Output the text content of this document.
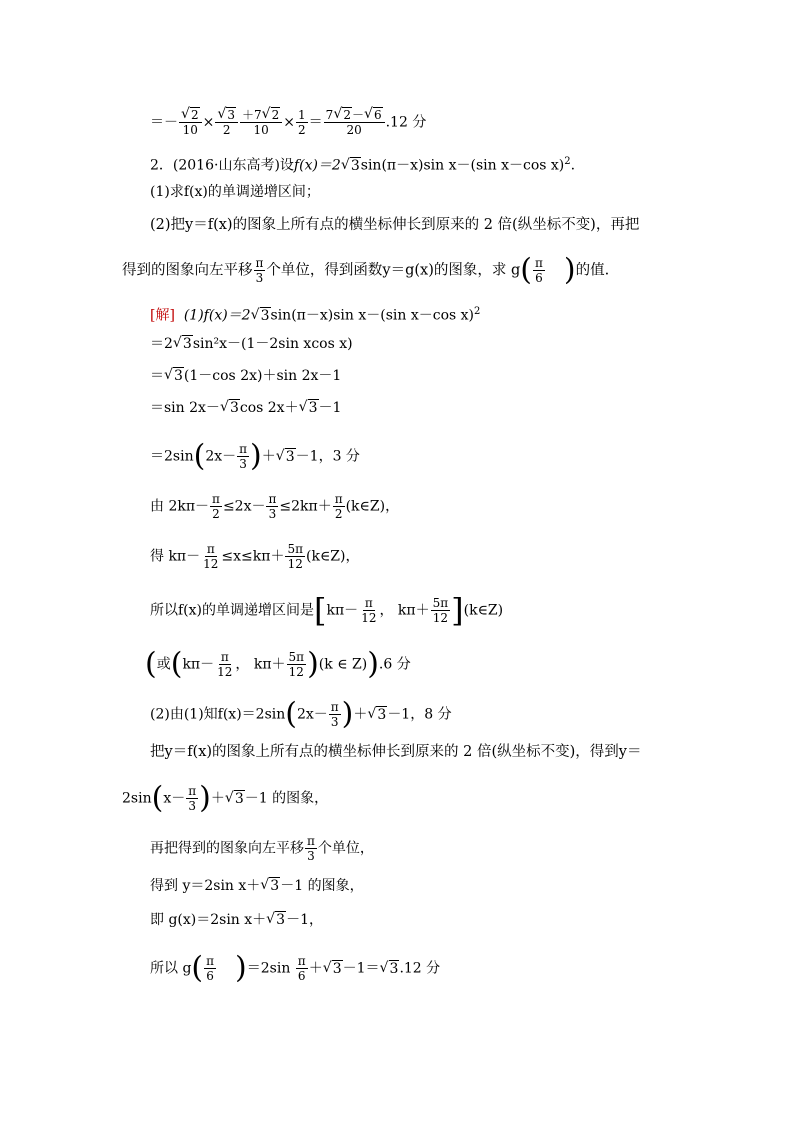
＝－ √ $\frac{2}{10}$ × √ $\frac{3}{2} \frac{+7 √ 2}{10} \times \frac{1}{2} = \frac{7 √ 2- √ 6}{20} .12$ 分
2．(2016·山东高考)设f(x)＝2 √ 3sin(π－x)sin x－(sin x－cos x)$^2$.
(1)求f(x)的单调递增区间；
(2)把y＝f(x)的图象上所有点的横坐标伸长到原来的 2 倍(纵坐标不变)，再把
得到的图象向左平移 $\frac{\pi}{3}$ 个单位，得到函数y＝g(x)的图象，求 $g( \frac{\pi}{6}$ )的值.
[解] (1)f(x)＝2 √ 3sin(π－x)sin x－(sin x－cos x)$^2$
＝2 √ 3sin²x－(1－2sin xcos x)
＝ √ 3(1－cos 2x)＋sin 2x－1
＝sin 2x－ √ 3cos 2x＋ √ 3－1
$=2\sin(2x- \frac{\pi}{3}$ )＋ √ 3－1，3 分
由 $2k\pi- \frac{\pi}{2} \le 2x- \frac{\pi}{3} \le 2k\pi+ \frac{\pi}{2}$ (k∈Z)，
得 $k\pi- \frac{\pi}{12} \le x\le k\pi+ \frac{5\pi}{12}$ (k∈Z)，
所以f(x)的单调递增区间是[$k\pi- \frac{\pi}{12}$ ， $k\pi+ \frac{5\pi}{12}$ ](k∈Z)
(或($k\pi- \frac{\pi}{12}$ ， $k\pi+ \frac{5\pi}{12} )(k$ ∈ Z)).6 分
(2)由(1)知$f(x)=2\sin(2x- \frac{\pi}{3}$ )＋ √ 3－1，8 分
把y＝f(x)的图象上所有点的横坐标伸长到原来的 2 倍(纵坐标不变)，得到y＝
$2\sin(x- \frac{\pi}{3}$ )＋ √ 3－1 的图象，
再把得到的图象向左平移 $\frac{\pi}{3}$ 个单位，
得到 y＝2sin x＋ √ 3－1 的图象，
即 g(x)＝2sin x＋ √ 3－1，
所以 $g( \frac{\pi}{6} )=2\sin \frac{\pi}{6}$ ＋ √ 3－1＝ √ 3.12 分
